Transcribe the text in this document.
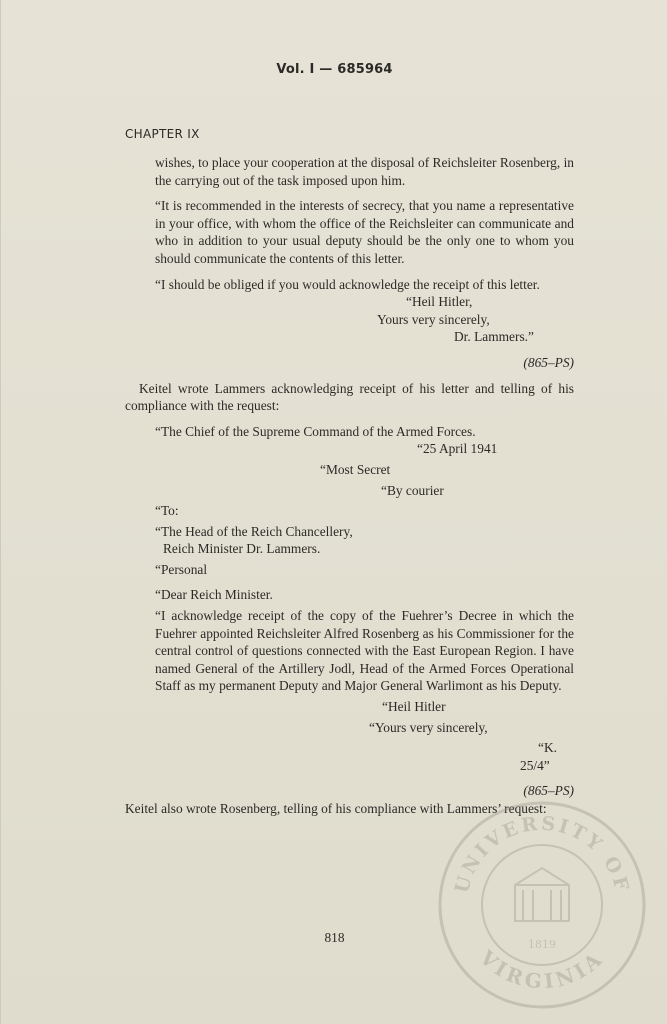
Vol. I — 685964
CHAPTER IX

wishes, to place your cooperation at the disposal of Reichsleiter Rosenberg, in the carrying out of the task imposed upon him.

“It is recommended in the interests of secrecy, that you name a representative in your office, with whom the office of the Reichsleiter can communicate and who in addition to your usual deputy should be the only one to whom you should communicate the contents of this letter.

“I should be obliged if you would acknowledge the receipt of this letter.

“Heil Hitler,
Yours very sincerely,
Dr. Lammers.”

(865–PS)

Keitel wrote Lammers acknowledging receipt of his letter and telling of his compliance with the request:

“The Chief of the Supreme Command of the Armed Forces.

“25 April 1941
“Most Secret
“By courier

“To:

“The Head of the Reich Chancellery,
Reich Minister Dr. Lammers.

“Personal

“Dear Reich Minister.

“I acknowledge receipt of the copy of the Fuehrer’s Decree in which the Fuehrer appointed Reichsleiter Alfred Rosenberg as his Commissioner for the central control of questions connected with the East European Region. I have named General of the Artillery Jodl, Head of the Armed Forces Operational Staff as my permanent Deputy and Major General Warlimont as his Deputy.

“Heil Hitler
“Yours very sincerely,
“K.
25/4”

(865–PS)

Keitel also wrote Rosenberg, telling of his compliance with Lammers’ request:

818
UNIVERSITY OF
VIRGINIA
1819
